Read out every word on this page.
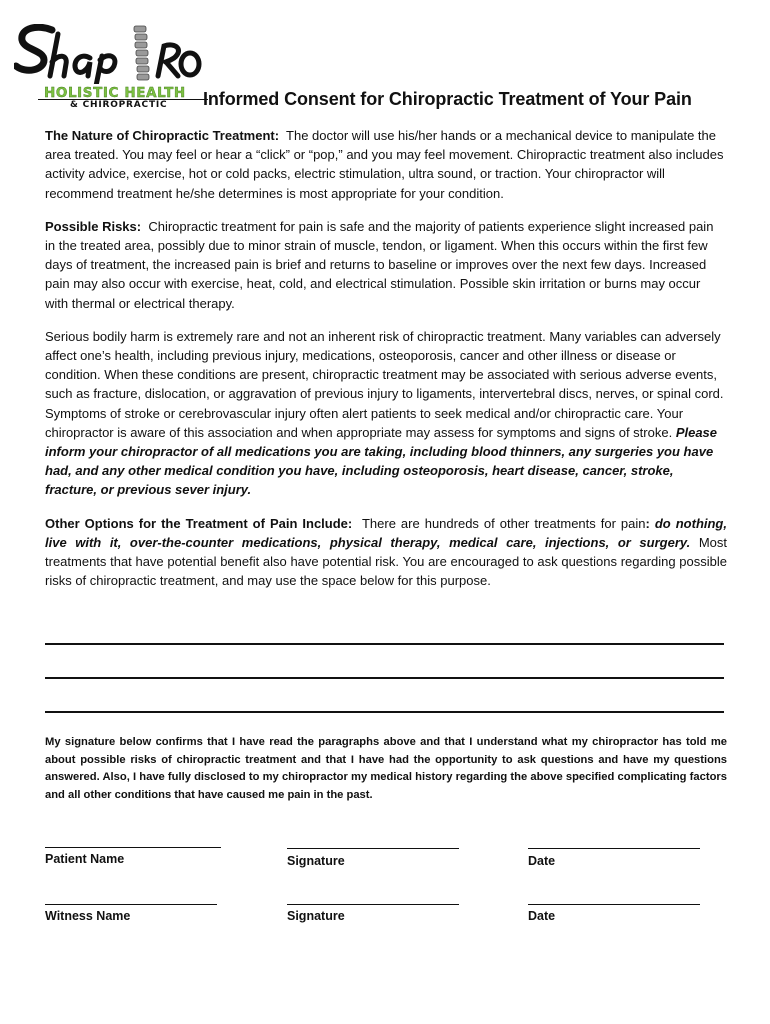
HOLISTIC HEALTH
& CHIROPRACTIC Informed Consent for Chiropractic Treatment of Your Pain

The Nature of Chiropractic Treatment: The doctor will use his/her hands or a mechanical device to manipulate the area treated. You may feel or hear a “click” or “pop,” and you may feel movement. Chiropractic treatment also includes activity advice, exercise, hot or cold packs, electric stimulation, ultra sound, or traction. Your chiropractor will recommend treatment he/she determines is most appropriate for your condition.

Possible Risks: Chiropractic treatment for pain is safe and the majority of patients experience slight increased pain in the treated area, possibly due to minor strain of muscle, tendon, or ligament. When this occurs within the first few days of treatment, the increased pain is brief and returns to baseline or improves over the next few days. Increased pain may also occur with exercise, heat, cold, and electrical stimulation. Possible skin irritation or burns may occur with thermal or electrical therapy.

Serious bodily harm is extremely rare and not an inherent risk of chiropractic treatment. Many variables can adversely affect one’s health, including previous injury, medications, osteoporosis, cancer and other illness or disease or condition. When these conditions are present, chiropractic treatment may be associated with serious adverse events, such as fracture, dislocation, or aggravation of previous injury to ligaments, intervertebral discs, nerves, or spinal cord. Symptoms of stroke or cerebrovascular injury often alert patients to seek medical and/or chiropractic care. Your chiropractor is aware of this association and when appropriate may assess for symptoms and signs of stroke. Please inform your chiropractor of all medications you are taking, including blood thinners, any surgeries you have had, and any other medical condition you have, including osteoporosis, heart disease, cancer, stroke, fracture, or previous sever injury.

Other Options for the Treatment of Pain Include: There are hundreds of other treatments for pain: do nothing, live with it, over-the-counter medications, physical therapy, medical care, injections, or surgery. Most treatments that have potential benefit also have potential risk. You are encouraged to ask questions regarding possible risks of chiropractic treatment, and may use the space below for this purpose.

My signature below confirms that I have read the paragraphs above and that I understand what my chiropractor has told me about possible risks of chiropractic treatment and that I have had the opportunity to ask questions and have my questions answered. Also, I have fully disclosed to my chiropractor my medical history regarding the above specified complicating factors and all other conditions that have caused me pain in the past.
Patient Name	Signature	Date
Witness Name	Signature	Date
